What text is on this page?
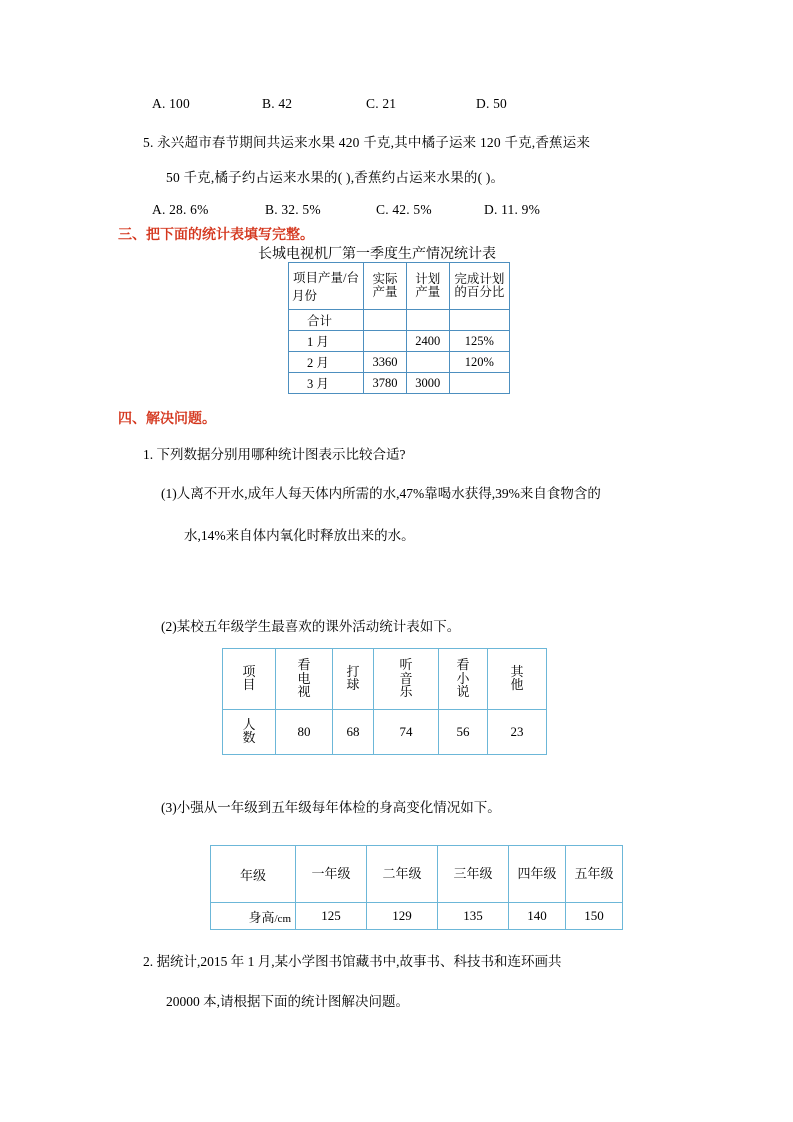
A. 100	B. 42	C. 21	D. 50
5. 永兴超市春节期间共运来水果 420 千克,其中橘子运来 120 千克,香蕉运来
50 千克,橘子约占运来水果的( ),香蕉约占运来水果的( )。
A. 28. 6%	B. 32. 5%	C. 42. 5%	D. 11. 9%
三、把下面的统计表填写完整。
长城电视机厂第一季度生产情况统计表
项目产量/台
月份	实际产量	计划产量	完成计划的百分比
合计			
1 月		2400	125%
2 月	3360		120%
3 月	3780	3000	
四、解决问题。
1. 下列数据分别用哪种统计图表示比较合适?
(1)人离不开水,成年人每天体内所需的水,47%靠喝水获得,39%来自食物含的
水,14%来自体内氧化时释放出来的水。
(2)某校五年级学生最喜欢的课外活动统计表如下。
项目	看电视	打球	听音乐	看小说	其他
人数	80	68	74	56	23
(3)小强从一年级到五年级每年体检的身高变化情况如下。
年级	一年级	二年级	三年级	四年级	五年级

身高/cm	125	129	135	140	150
2. 据统计,2015 年 1 月,某小学图书馆藏书中,故事书、科技书和连环画共
20000 本,请根据下面的统计图解决问题。
